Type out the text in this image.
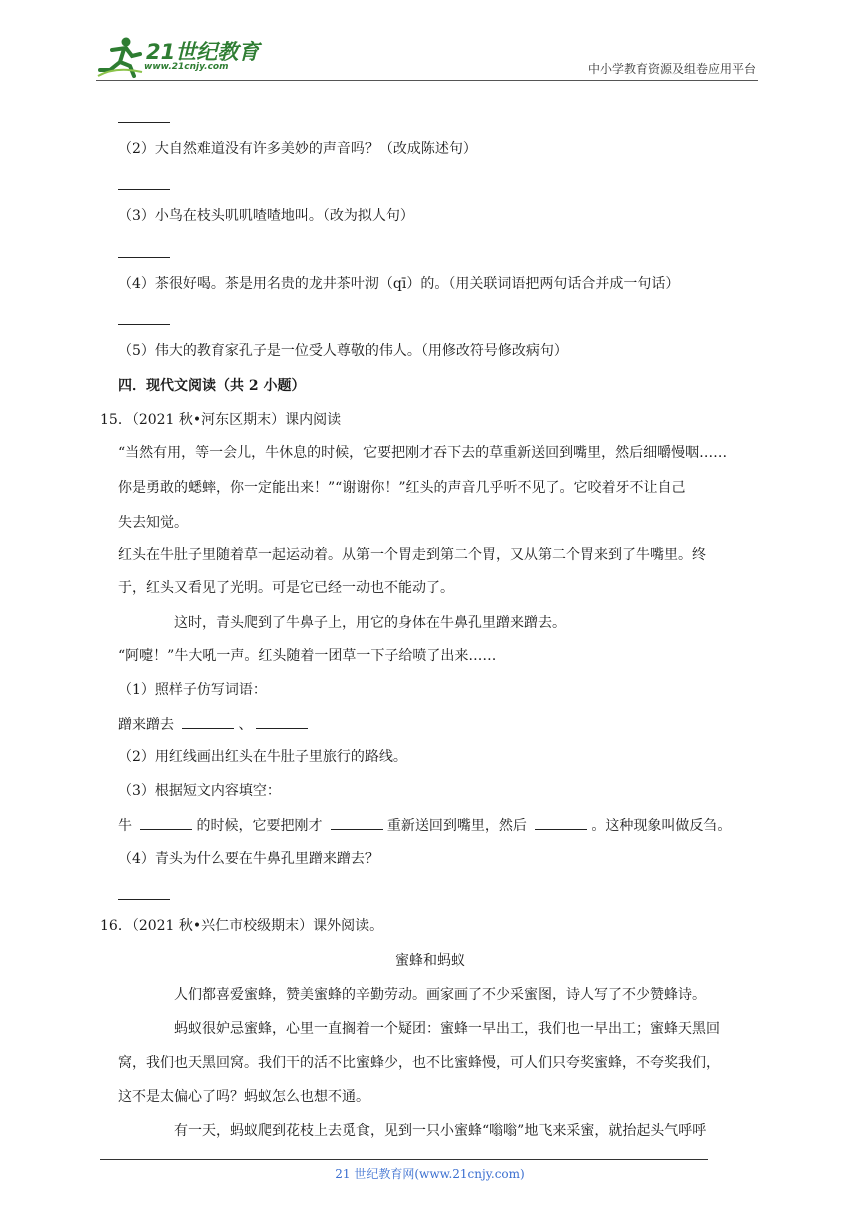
21世纪教育
www.21cnjy.com	中小学教育资源及组卷应用平台
（2）大自然难道没有许多美妙的声音吗？（改成陈述句）
（3）小鸟在枝头叽叽喳喳地叫。（改为拟人句）
（4）茶很好喝。茶是用名贵的龙井茶叶沏（qī）的。（用关联词语把两句话合并成一句话）
（5）伟大的教育家孔子是一位受人尊敬的伟人。（用修改符号修改病句）
四．现代文阅读（共 2 小题）
15．（2021 秋•河东区期末）课内阅读
“当然有用，等一会儿，牛休息的时候，它要把刚才吞下去的草重新送回到嘴里，然后细嚼慢咽……
你是勇敢的蟋蟀，你一定能出来！”“谢谢你！”红头的声音几乎听不见了。它咬着牙不让自己
失去知觉。
红头在牛肚子里随着草一起运动着。从第一个胃走到第二个胃，又从第二个胃来到了牛嘴里。终
于，红头又看见了光明。可是它已经一动也不能动了。
这时，青头爬到了牛鼻子上，用它的身体在牛鼻孔里蹭来蹭去。
“阿嚏！”牛大吼一声。红头随着一团草一下子给喷了出来……
（1）照样子仿写词语：
蹭来蹭去	、
（2）用红线画出红头在牛肚子里旅行的路线。
（3）根据短文内容填空：
牛	的时候，它要把刚才	重新送回到嘴里，然后	。这种现象叫做反刍。
（4）青头为什么要在牛鼻孔里蹭来蹭去？
16．（2021 秋•兴仁市校级期末）课外阅读。
蜜蜂和蚂蚁
人们都喜爱蜜蜂，赞美蜜蜂的辛勤劳动。画家画了不少采蜜图，诗人写了不少赞蜂诗。
蚂蚁很妒忌蜜蜂，心里一直搁着一个疑团：蜜蜂一早出工，我们也一早出工；蜜蜂天黑回
窝，我们也天黑回窝。我们干的活不比蜜蜂少，也不比蜜蜂慢，可人们只夸奖蜜蜂，不夸奖我们，
这不是太偏心了吗？蚂蚁怎么也想不通。
有一天，蚂蚁爬到花枝上去觅食，见到一只小蜜蜂“嗡嗡”地飞来采蜜，就抬起头气呼呼
21 世纪教育网(www.21cnjy.com)
